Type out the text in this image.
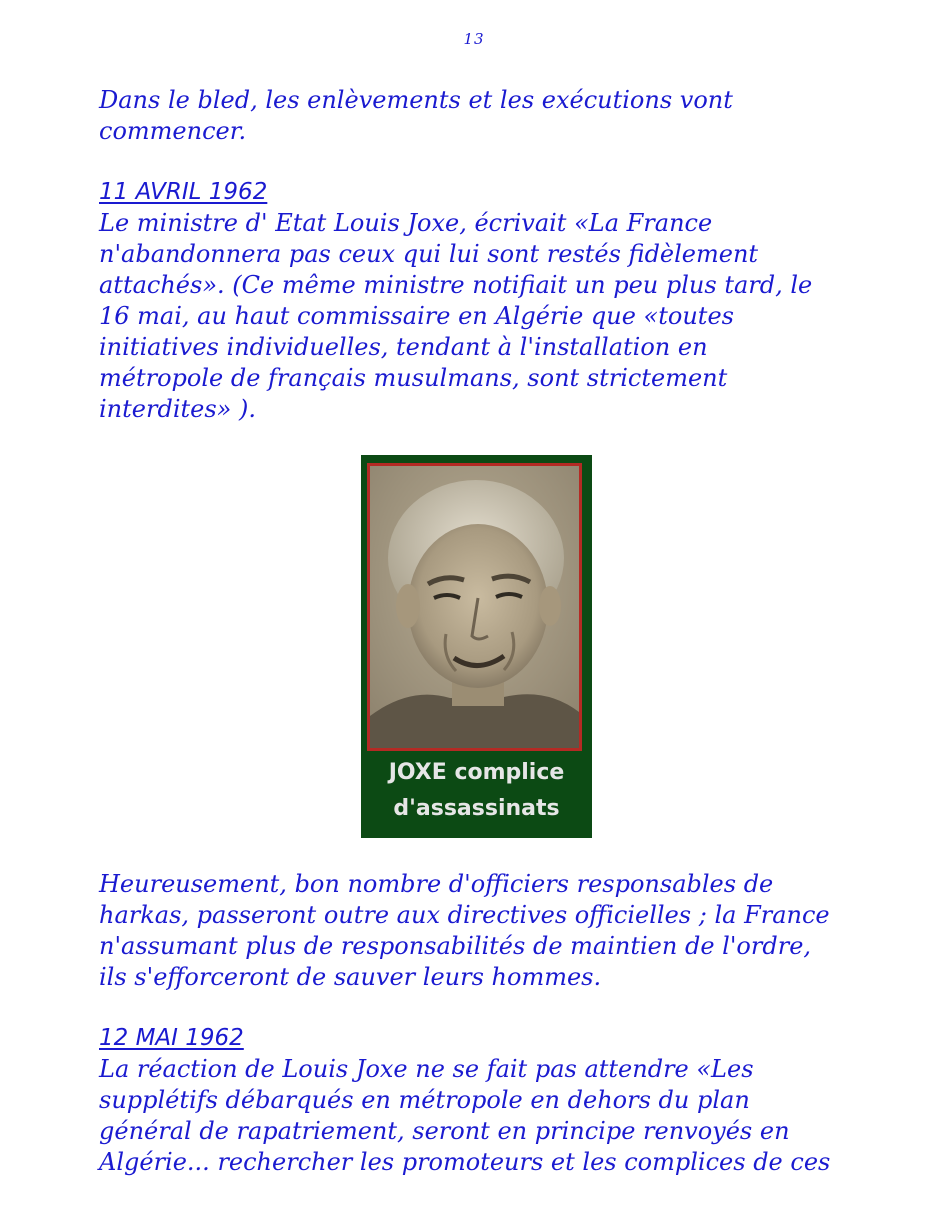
13

Dans le bled, les enlèvements et les exécutions vont
commencer.

11 AVRIL 1962

Le ministre d' Etat Louis Joxe, écrivait «La France
n'abandonnera pas ceux qui lui sont restés fidèlement
attachés». (Ce même ministre notifiait un peu plus tard, le
16 mai, au haut commissaire en Algérie que «toutes
initiatives individuelles, tendant à l'installation en
métropole de français musulmans, sont strictement
interdites» ).

JOXE complice
d'assassinats

Heureusement, bon nombre d'officiers responsables de
harkas, passeront outre aux directives officielles ; la France
n'assumant plus de responsabilités de maintien de l'ordre,
ils s'efforceront de sauver leurs hommes.

12 MAI 1962

La réaction de Louis Joxe ne se fait pas attendre «Les
supplétifs débarqués en métropole en dehors du plan
général de rapatriement, seront en principe renvoyés en
Algérie... rechercher les promoteurs et les complices de ces
